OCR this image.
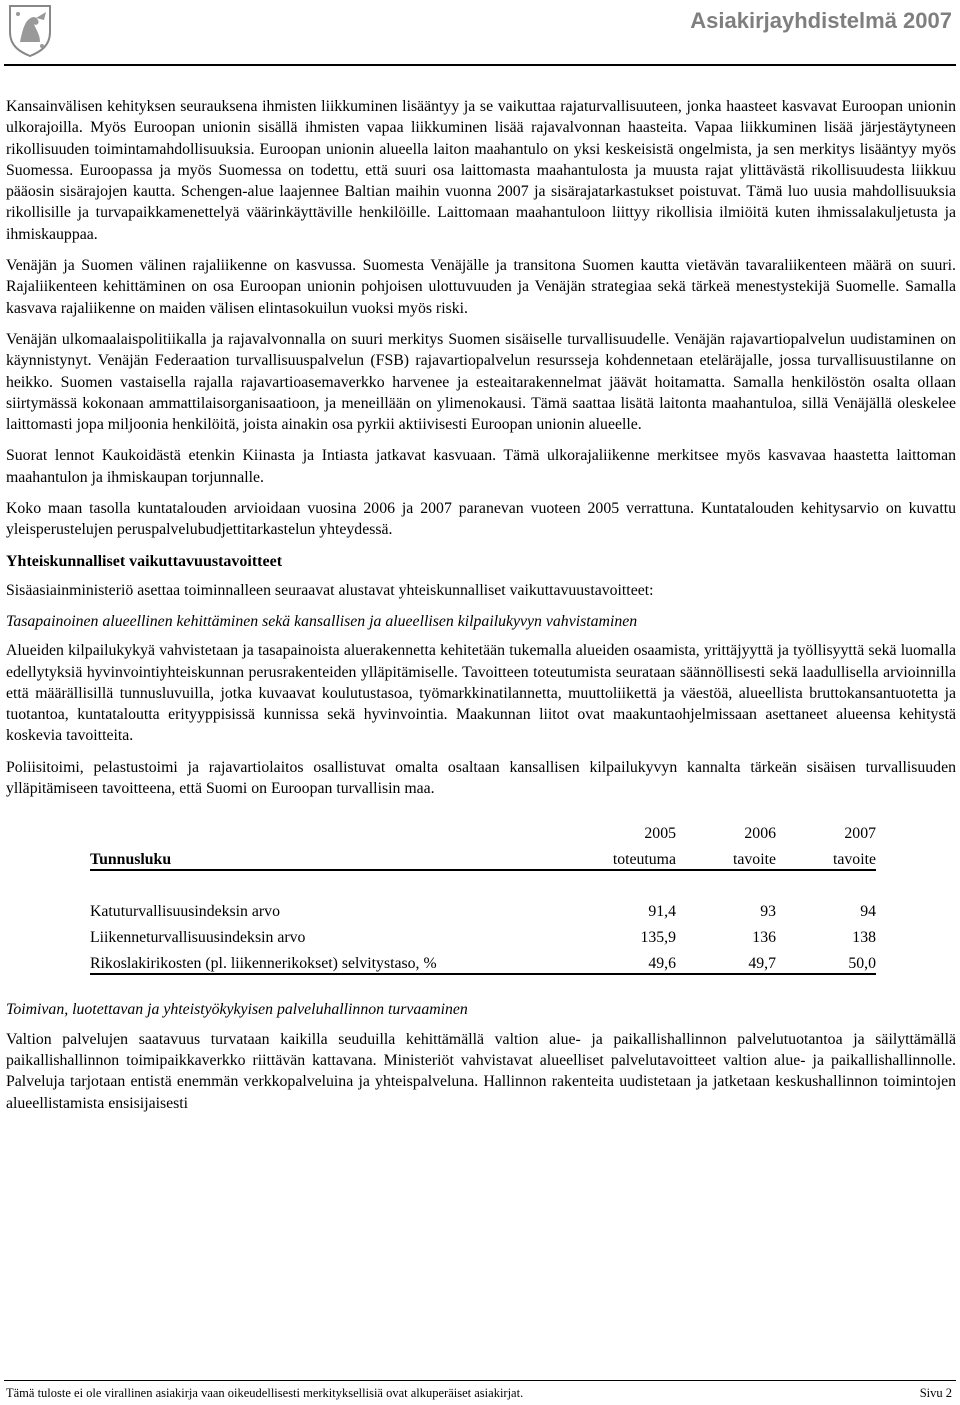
Asiakirjayhdistelmä 2007

Kansainvälisen kehityksen seurauksena ihmisten liikkuminen lisääntyy ja se vaikuttaa rajaturvallisuuteen, jonka haasteet kasvavat Euroopan unionin ulkorajoilla. Myös Euroopan unionin sisällä ihmisten vapaa liikkuminen lisää rajavalvonnan haasteita. Vapaa liikkuminen lisää järjestäytyneen rikollisuuden toimintamahdollisuuksia. Euroopan unionin alueella laiton maahantulo on yksi keskeisistä ongelmista, ja sen merkitys lisääntyy myös Suomessa. Euroopassa ja myös Suomessa on todettu, että suuri osa laittomasta maahantulosta ja muusta rajat ylittävästä rikollisuudesta liikkuu pääosin sisärajojen kautta. Schengen-alue laajennee Baltian maihin vuonna 2007 ja sisärajatarkastukset poistuvat. Tämä luo uusia mahdollisuuksia rikollisille ja turvapaikkamenettelyä väärinkäyttäville henkilöille. Laittomaan maahantuloon liittyy rikollisia ilmiöitä kuten ihmissalakuljetusta ja ihmiskauppaa.

Venäjän ja Suomen välinen rajaliikenne on kasvussa. Suomesta Venäjälle ja transitona Suomen kautta vietävän tavaraliikenteen määrä on suuri. Rajaliikenteen kehittäminen on osa Euroopan unionin pohjoisen ulottuvuuden ja Venäjän strategiaa sekä tärkeä menestystekijä Suomelle. Samalla kasvava rajaliikenne on maiden välisen elintasokuilun vuoksi myös riski.

Venäjän ulkomaalaispolitiikalla ja rajavalvonnalla on suuri merkitys Suomen sisäiselle turvallisuudelle. Venäjän rajavartiopalvelun uudistaminen on käynnistynyt. Venäjän Federaation turvallisuuspalvelun (FSB) rajavartiopalvelun resursseja kohdennetaan eteläräjalle, jossa turvallisuustilanne on heikko. Suomen vastaisella rajalla rajavartioasemaverkko harvenee ja esteaitarakennelmat jäävät hoitamatta. Samalla henkilöstön osalta ollaan siirtymässä kokonaan ammattilaisorganisaatioon, ja meneillään on ylimenokausi. Tämä saattaa lisätä laitonta maahantuloa, sillä Venäjällä oleskelee laittomasti jopa miljoonia henkilöitä, joista ainakin osa pyrkii aktiivisesti Euroopan unionin alueelle.

Suorat lennot Kaukoidästä etenkin Kiinasta ja Intiasta jatkavat kasvuaan. Tämä ulkorajaliikenne merkitsee myös kasvavaa haastetta laittoman maahantulon ja ihmiskaupan torjunnalle.

Koko maan tasolla kuntatalouden arvioidaan vuosina 2006 ja 2007 paranevan vuoteen 2005 verrattuna. Kuntatalouden kehitysarvio on kuvattu yleisperustelujen peruspalvelubudjettitarkastelun yhteydessä.

Yhteiskunnalliset vaikuttavuustavoitteet

Sisäasiainministeriö asettaa toiminnalleen seuraavat alustavat yhteiskunnalliset vaikuttavuustavoitteet:

Tasapainoinen alueellinen kehittäminen sekä kansallisen ja alueellisen kilpailukyvyn vahvistaminen

Alueiden kilpailukykyä vahvistetaan ja tasapainoista aluerakennetta kehitetään tukemalla alueiden osaamista, yrittäjyyttä ja työllisyyttä sekä luomalla edellytyksiä hyvinvointiyhteiskunnan perusrakenteiden ylläpitämiselle. Tavoitteen toteutumista seurataan säännöllisesti sekä laadullisella arvioinnilla että määrällisillä tunnusluvuilla, jotka kuvaavat koulutustasoa, työmarkkinatilannetta, muuttoliikettä ja väestöä, alueellista bruttokansantuotetta ja tuotantoa, kuntataloutta erityyppisissä kunnissa sekä hyvinvointia. Maakunnan liitot ovat maakuntaohjelmissaan asettaneet alueensa kehitystä koskevia tavoitteita.

Poliisitoimi, pelastustoimi ja rajavartiolaitos osallistuvat omalta osaltaan kansallisen kilpailukyvyn kannalta tärkeän sisäisen turvallisuuden ylläpitämiseen tavoitteena, että Suomi on Euroopan turvallisin maa.

	2005	2006	2007
Tunnusluku	toteutuma	tavoite	tavoite

Katuturvallisuusindeksin arvo	91,4	93	94
Liikenneturvallisuusindeksin arvo	135,9	136	138
Rikoslakirikosten (pl. liikennerikokset) selvitystaso, %	49,6	49,7	50,0

Toimivan, luotettavan ja yhteistyökykyisen palveluhallinnon turvaaminen

Valtion palvelujen saatavuus turvataan kaikilla seuduilla kehittämällä valtion alue- ja paikallishallinnon palvelutuotantoa ja säilyttämällä paikallishallinnon toimipaikkaverkko riittävän kattavana. Ministeriöt vahvistavat alueelliset palvelutavoitteet valtion alue- ja paikallishallinnolle. Palveluja tarjotaan entistä enemmän verkkopalveluina ja yhteispalveluna. Hallinnon rakenteita uudistetaan ja jatketaan keskushallinnon toimintojen alueellistamista ensisijaisesti

Tämä tuloste ei ole virallinen asiakirja vaan oikeudellisesti merkityksellisiä ovat alkuperäiset asiakirjat.	Sivu 2
